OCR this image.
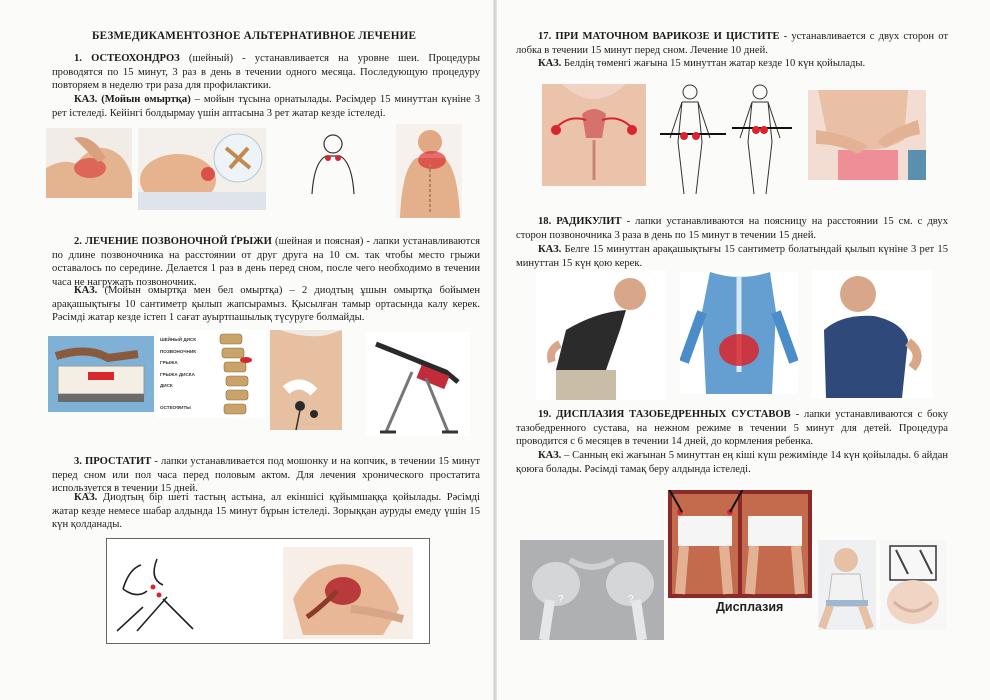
БЕЗМЕДИКАМЕНТОЗНОЕ АЛЬТЕРНАТИВНОЕ ЛЕЧЕНИЕ
1. ОСТЕОХОНДРОЗ (шейный) - устанавливается на уровне шеи. Процедуры проводятся по 15 минут, 3 раз в день в течении одного месяца. Последующую процедуру повторяем в неделю три раза для профилактики.
КАЗ. (Мойын омыртқа) – мойын тұсына орнатылады. Рәсімдер 15 минуттан күніне 3 рет істеледі. Кейінгі болдырмау үшін аптасына 3 рет жатар кезде істеледі.
2. ЛЕЧЕНИЕ ПОЗВОНОЧНОЙ ҐРЫЖИ (шейная и поясная) - лапки устанавливаются по длине позвоночника на расстоянии от друг друга на 10 см. так чтобы место грыжи оставалось по середине. Делается 1 раз в день перед сном, после чего необходимо в течении часа не нагружать позвоночник.
КАЗ. (Мойын омыртқа мен бел омыртқа) – 2 диодтың ұшын омыртқа бойымен арақашықтығы 10 сантиметр қылып жапсырамыз. Қысылған тамыр ортасында калу керек. Рәсімді жатар кезде істеп 1 сағат ауыртпашылық түсуруге болмайды.
ШЕЙНЫЙ ДИСК
ПОЗВОНОЧНИК
ГРЫЖА
ГРЫЖА ДИСКА
ДИСК
ОСТЕОФИТЫ
3. ПРОСТАТИТ - лапки устанавливается под мошонку и на копчик, в течении 15 минут перед сном или пол часа перед половым актом. Для лечения хронического простатита используется в течении 15 дней.
КАЗ. Диодтың бір шеті тастың астына, ал екіншісі құйымшаққа қойылады. Рәсімді жатар кезде немесе шабар алдында 15 минут бұрын істеледі. Зорыққан ауруды емеду үшін 15 күн қолданады.
17. ПРИ МАТОЧНОМ ВАРИКОЗЕ И ЦИСТИТЕ - устанавливается с двух сторон от лобка в течении 15 минут перед сном. Лечение 10 дней.
КАЗ. Белдің төменгі жағына 15 минуттан жатар кезде 10 күн қойылады.
18. РАДИКУЛИТ - лапки устанавливаются на поясницу на расстоянии 15 см. с двух сторон позвоночника 3 раза в день по 15 минут в течении 15 дней.
КАЗ. Белге 15 минуттан арақашықтығы 15 сантиметр болатындай қылып күніне 3 рет 15 минуттан 15 күн қою керек.
19. ДИСПЛАЗИЯ ТАЗОБЕДРЕННЫХ СУСТАВОВ - лапки устанавливаются с боку тазобедренного сустава, на нежном режиме в течении 5 минут для детей. Процедура проводится с 6 месяцев в течении 14 дней, до кормления ребенка.
КАЗ. – Санның екі жағынан 5 минуттан ең кіші күш режимінде 14 күн қойылады. 6 айдан қоюға болады. Рәсімді тамақ беру алдында істеледі.
?	?
Дисплазия
